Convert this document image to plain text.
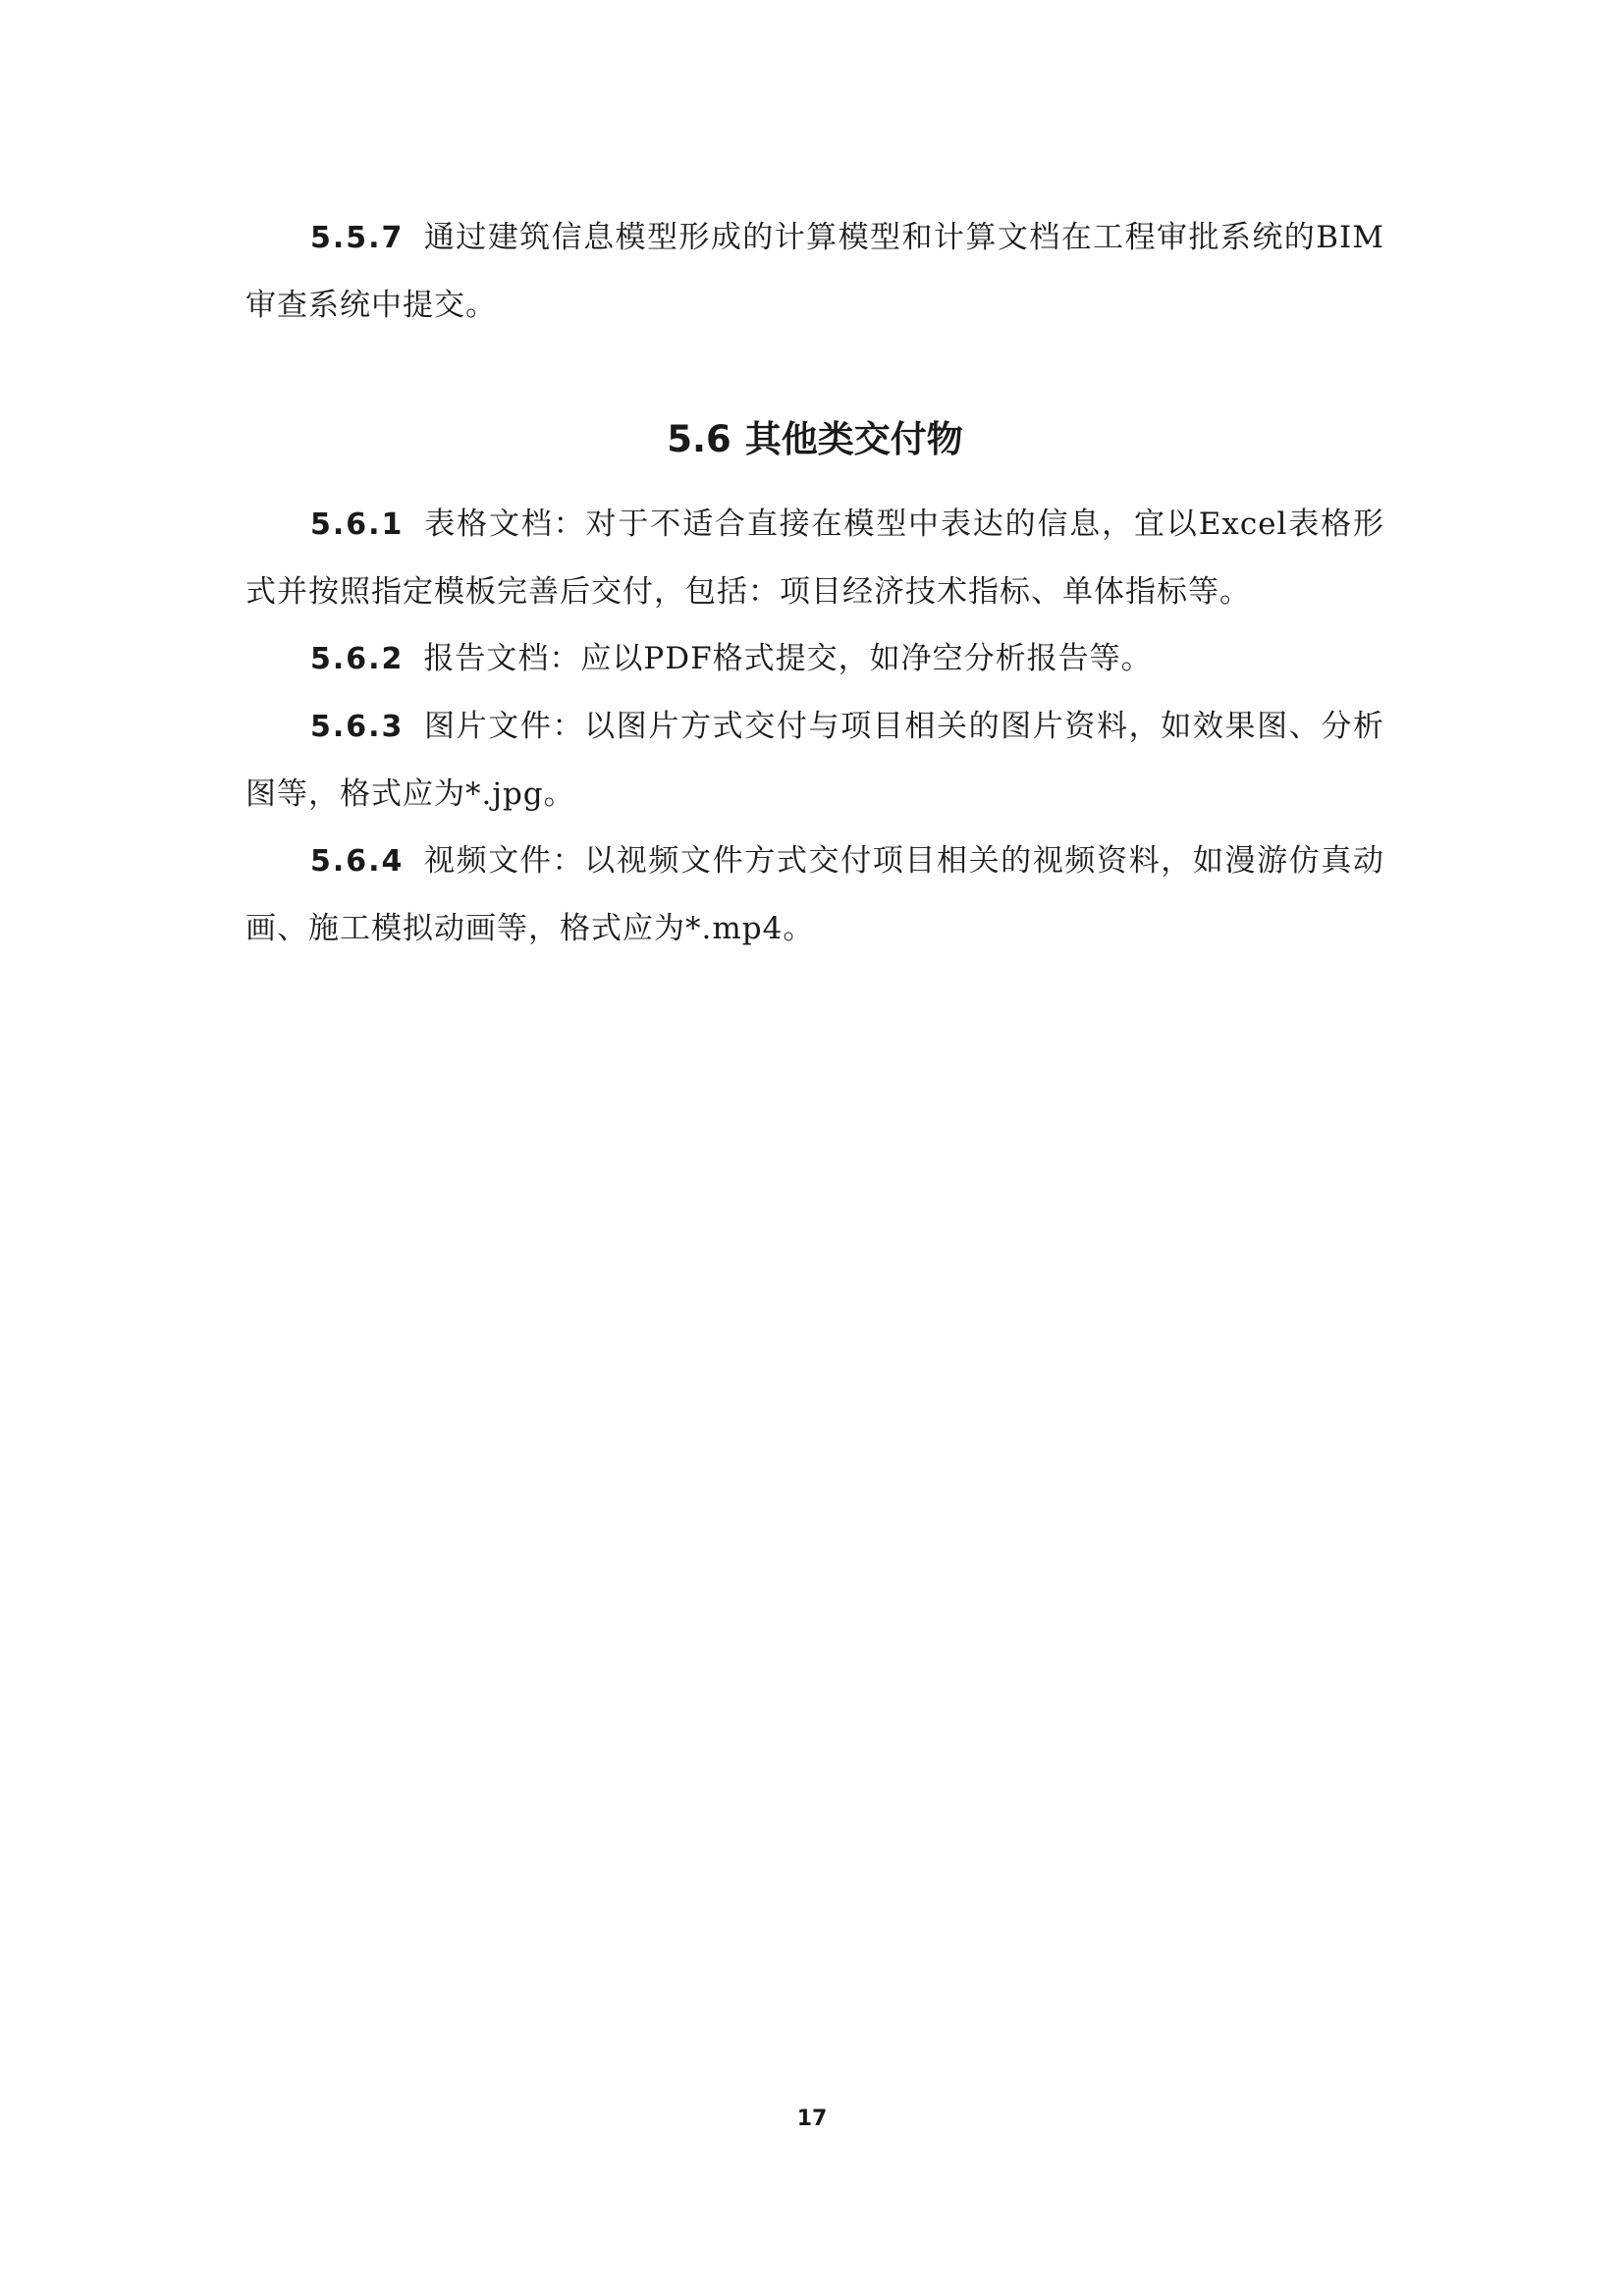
5.5.7 通过建筑信息模型形成的计算模型和计算文档在工程审批系统的BIM审查系统中提交。

5.6 其他类交付物

5.6.1 表格文档：对于不适合直接在模型中表达的信息，宜以Excel表格形式并按照指定模板完善后交付，包括：项目经济技术指标、单体指标等。

5.6.2 报告文档：应以PDF格式提交，如净空分析报告等。

5.6.3 图片文件：以图片方式交付与项目相关的图片资料，如效果图、分析图等，格式应为*.jpg。

5.6.4 视频文件：以视频文件方式交付项目相关的视频资料，如漫游仿真动画、施工模拟动画等，格式应为*.mp4。

17
